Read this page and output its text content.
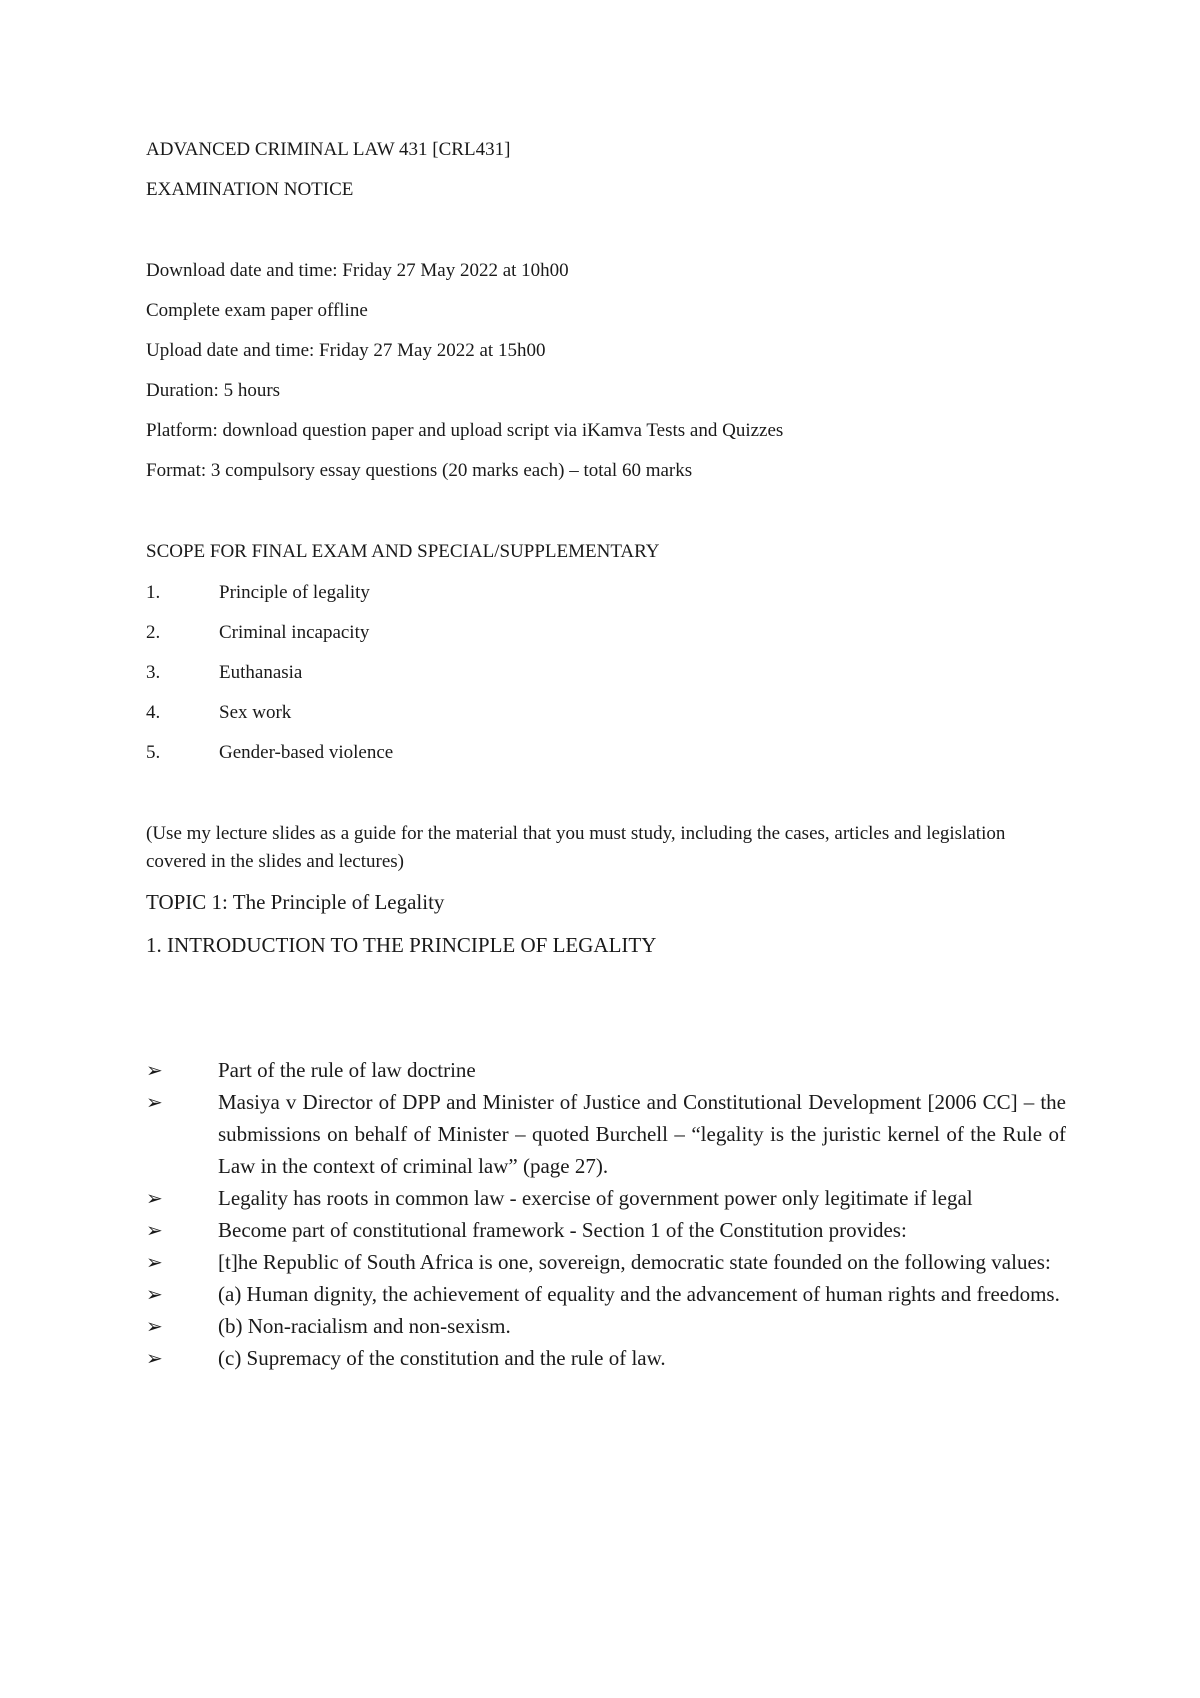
ADVANCED CRIMINAL LAW 431 [CRL431]
EXAMINATION NOTICE
Download date and time: Friday 27 May 2022 at 10h00
Complete exam paper offline
Upload date and time: Friday 27 May 2022 at 15h00
Duration: 5 hours
Platform: download question paper and upload script via iKamva Tests and Quizzes
Format: 3 compulsory essay questions (20 marks each) – total 60 marks
SCOPE FOR FINAL EXAM AND SPECIAL/SUPPLEMENTARY
1.	Principle of legality
2.	Criminal incapacity
3.	Euthanasia
4.	Sex work
5.	Gender-based violence
(Use my lecture slides as a guide for the material that you must study, including the cases, articles and legislation covered in the slides and lectures)
TOPIC 1: The Principle of Legality
1. INTRODUCTION TO THE PRINCIPLE OF LEGALITY
➢	Part of the rule of law doctrine
➢	Masiya v Director of DPP and Minister of Justice and Constitutional Development [2006 CC] – the submissions on behalf of Minister – quoted Burchell – “legality is the juristic kernel of the Rule of Law in the context of criminal law” (page 27).
➢	Legality has roots in common law - exercise of government power only legitimate if legal
➢	Become part of constitutional framework - Section 1 of the Constitution provides:
➢	[t]he Republic of South Africa is one, sovereign, democratic state founded on the following values:
➢	(a) Human dignity, the achievement of equality and the advancement of human rights and freedoms.
➢	(b) Non-racialism and non-sexism.
➢	(c) Supremacy of the constitution and the rule of law.
